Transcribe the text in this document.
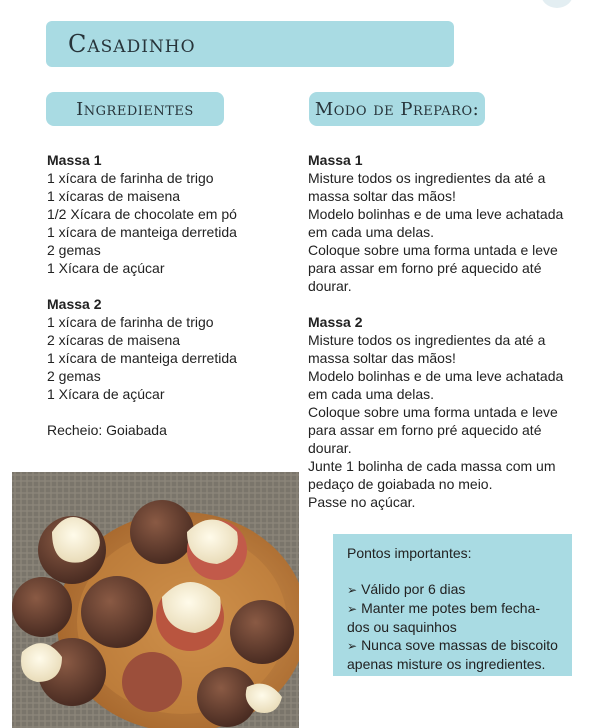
Casadinho
Ingredientes	Modo de Preparo:
Massa 1
1 xícara de farinha de trigo
1 xícaras de maisena
1/2 Xícara de chocolate em pó
1 xícara de manteiga derretida
2 gemas
1 Xícara de açúcar
Massa 2
1 xícara de farinha de trigo
2 xícaras de maisena
1 xícara de manteiga derretida
2 gemas
1 Xícara de açúcar
Recheio: Goiabada
Massa 1
Misture todos os ingredientes da até a
massa soltar das mãos!
Modelo bolinhas e de uma leve achatada
em cada uma delas.
Coloque sobre uma forma untada e leve
para assar em forno pré aquecido até
dourar.
Massa 2
Misture todos os ingredientes da até a
massa soltar das mãos!
Modelo bolinhas e de uma leve achatada
em cada uma delas.
Coloque sobre uma forma untada e leve
para assar em forno pré aquecido até
dourar.
Junte 1 bolinha de cada massa com um
pedaço de goiabada no meio.
Passe no açúcar.
Pontos importantes:
➢ Válido por 6 dias
➢ Manter me potes bem fecha-
dos ou saquinhos
➢ Nunca sove massas de biscoito
apenas misture os ingredientes.
